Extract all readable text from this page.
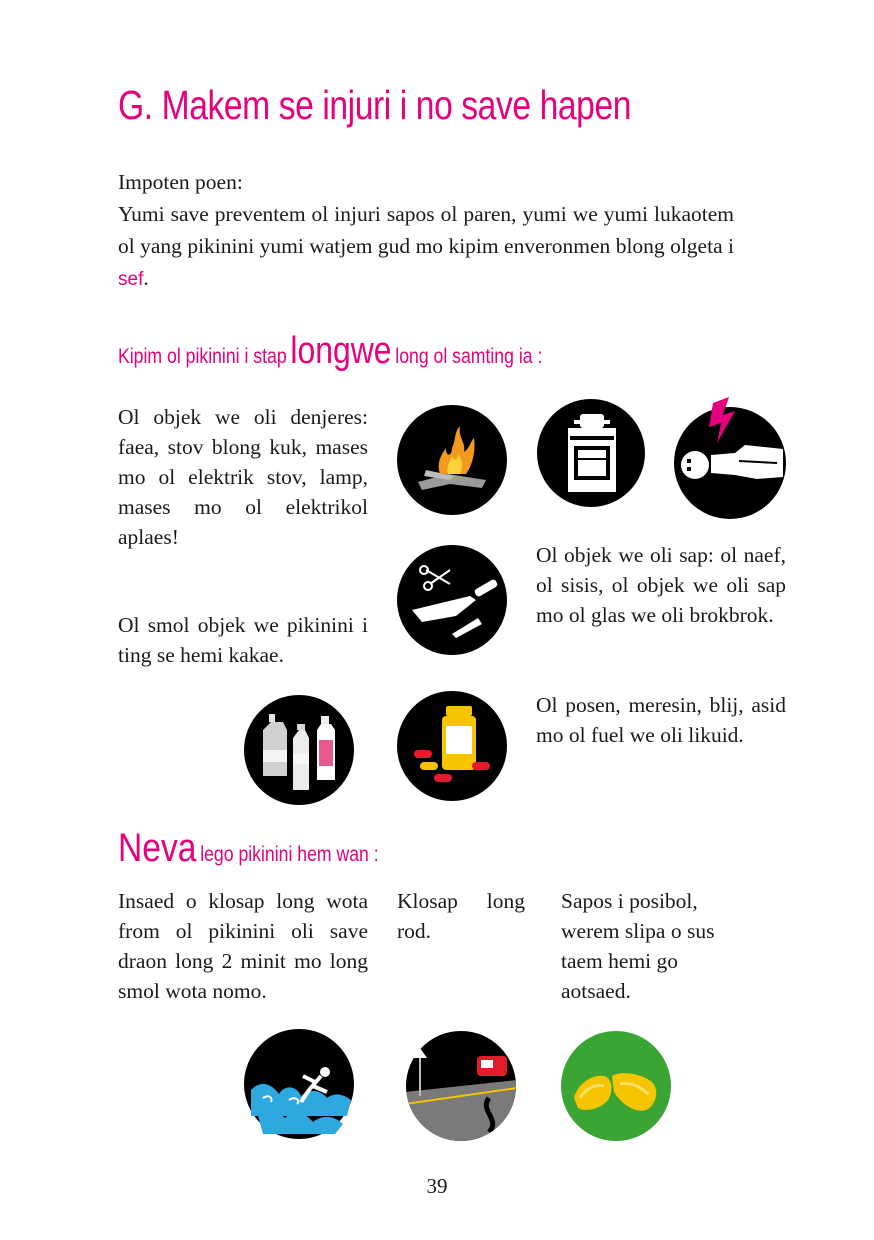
G. Makem se injuri i no save hapen
Impoten poen:
Yumi save preventem ol injuri sapos ol paren, yumi we yumi lukaotem ol yang pikinini yumi watjem gud mo kipim enveronmen blong olgeta i sef.
Kipim ol pikinini i stap longwe long ol samting ia :
Ol objek we oli denjeres: faea, stov blong kuk, mases mo ol elektrik stov, lamp, mases mo ol elektrikol aplaes!
Ol smol objek we pikinini i ting se hemi kakae.
Ol objek we oli sap: ol naef, ol sisis, ol objek we oli sap mo ol glas we oli brokbrok.
Ol posen, meresin, blij, asid mo ol fuel we oli likuid.
Neva lego pikinini hem wan :
Insaed o klosap long wota from ol pikinini oli save draon long 2 minit mo long smol wota nomo.
Klosap long rod.
Sapos i posibol, werem slipa o sus taem hemi go aotsaed.
39
